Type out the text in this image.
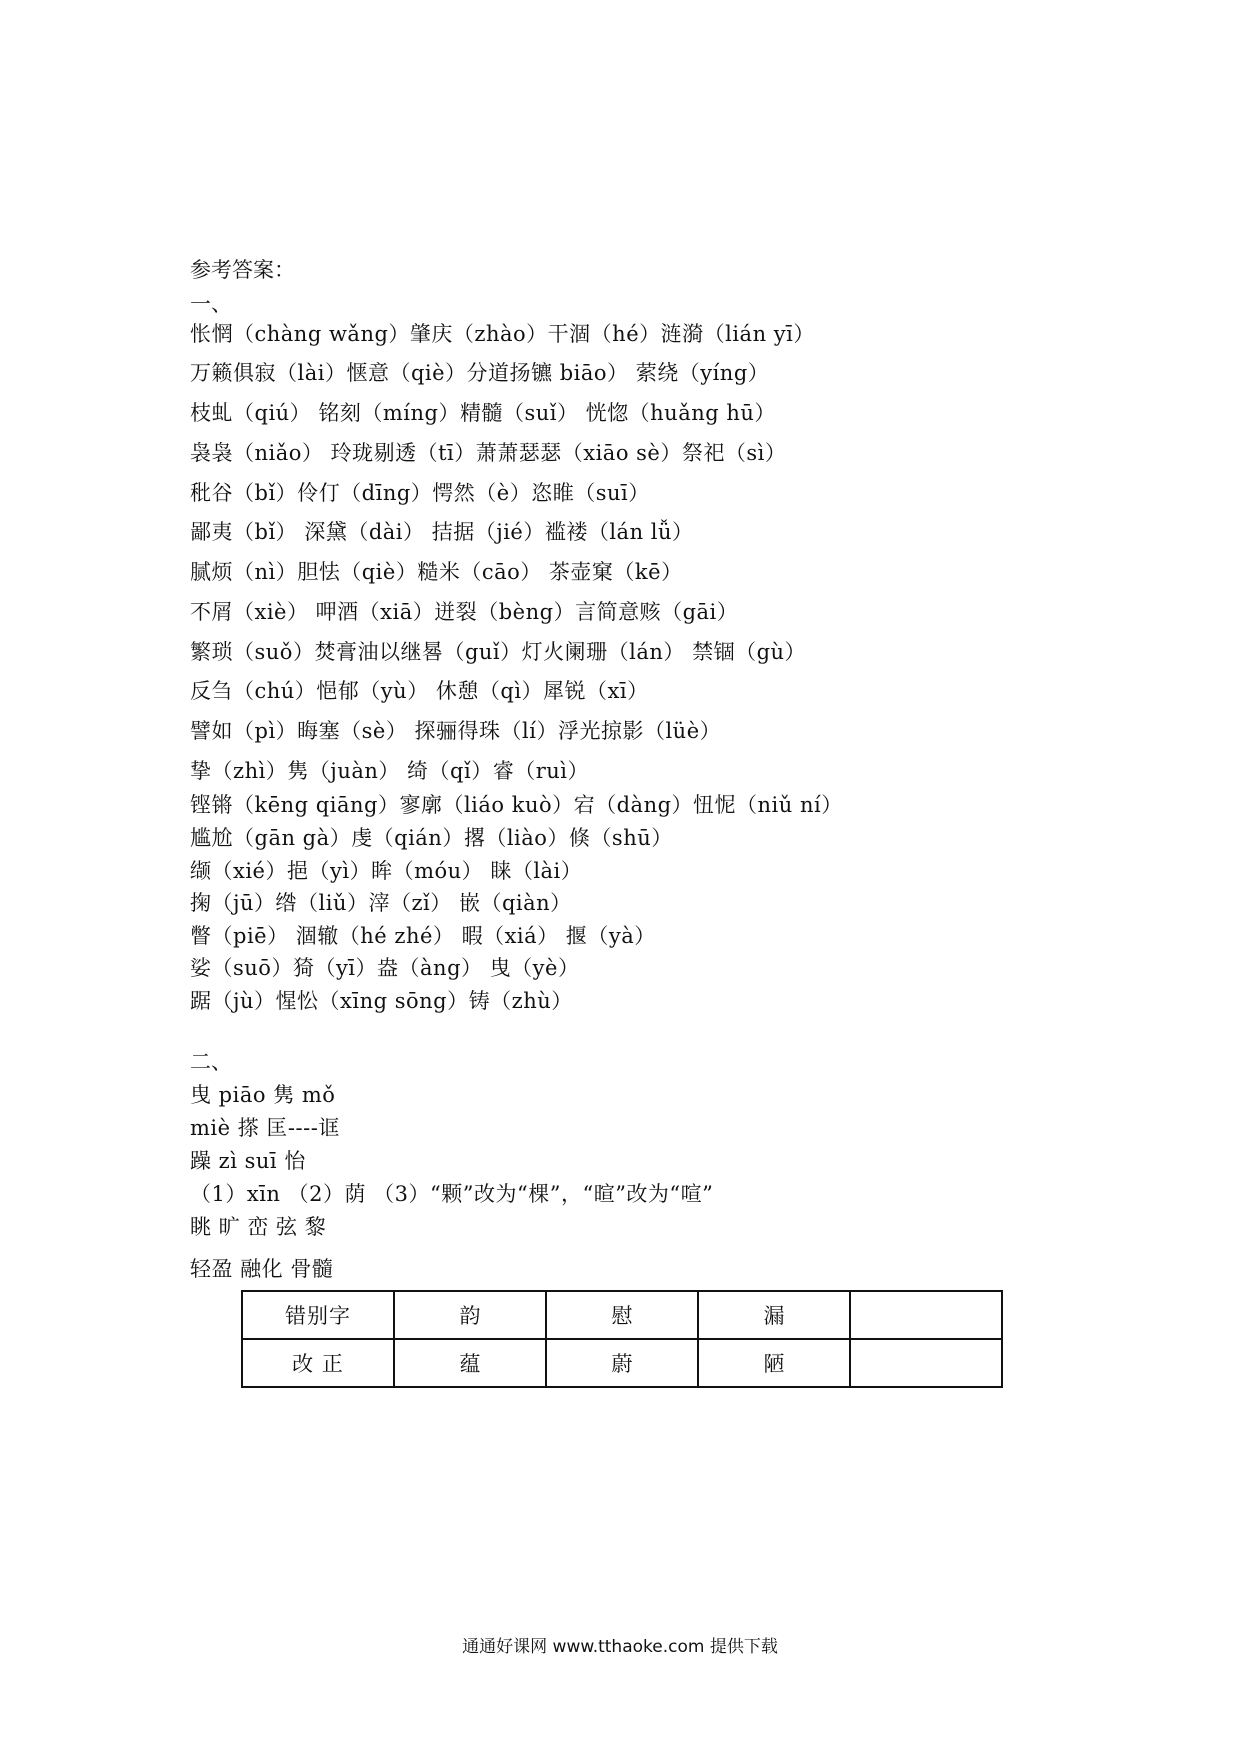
参考答案：
一、
怅惘（chàng wǎng）肇庆（zhào）干涸（hé）涟漪（lián yī）
万籁俱寂（lài）惬意（qiè）分道扬镳 biāo） 萦绕（yíng）
枝虬（qiú） 铭刻（míng）精髓（suǐ） 恍惚（huǎng hū）
袅袅（niǎo） 玲珑剔透（tī）萧萧瑟瑟（xiāo sè）祭祀（sì）
秕谷（bǐ）伶仃（dīng）愕然（è）恣睢（suī）
鄙夷（bǐ） 深黛（dài） 拮据（jié）褴褛（lán lǚ）
腻烦（nì）胆怯（qiè）糙米（cāo） 茶壶窠（kē）
不屑（xiè） 呷酒（xiā）迸裂（bèng）言简意赅（gāi）
繁琐（suǒ）焚膏油以继晷（guǐ）灯火阑珊（lán） 禁锢（gù）
反刍（chú）悒郁（yù） 休憩（qì）犀锐（xī）
譬如（pì）晦塞（sè） 探骊得珠（lí）浮光掠影（lüè）
挚（zhì）隽（juàn） 绮（qǐ）睿（ruì）
铿锵（kēng qiāng）寥廓（liáo kuò）宕（dàng）忸怩（niǔ ní）
尴尬（gān gà）虔（qián）撂（liào）倏（shū）
缬（xié）挹（yì）眸（móu） 睐（lài）
掬（jū）绺（liǔ）滓（zǐ） 嵌（qiàn）
瞥（piē） 涸辙（hé zhé） 暇（xiá） 揠（yà）
娑（suō）猗（yī）盎（àng） 曳（yè）
踞（jù）惺忪（xīng sōng）铸（zhù）
二、
曳 piāo 隽 mǒ
miè 搽 匡----诓
躁 zì suī 怡
（1）xīn （2）荫 （3）“颗”改为“棵”，“暄”改为“喧”
眺 旷 峦 弦 黎
轻盈 融化 骨髓
错别字	韵	慰	漏	
改 正	蕴	蔚	陋	
通通好课网 www.tthaoke.com 提供下载
